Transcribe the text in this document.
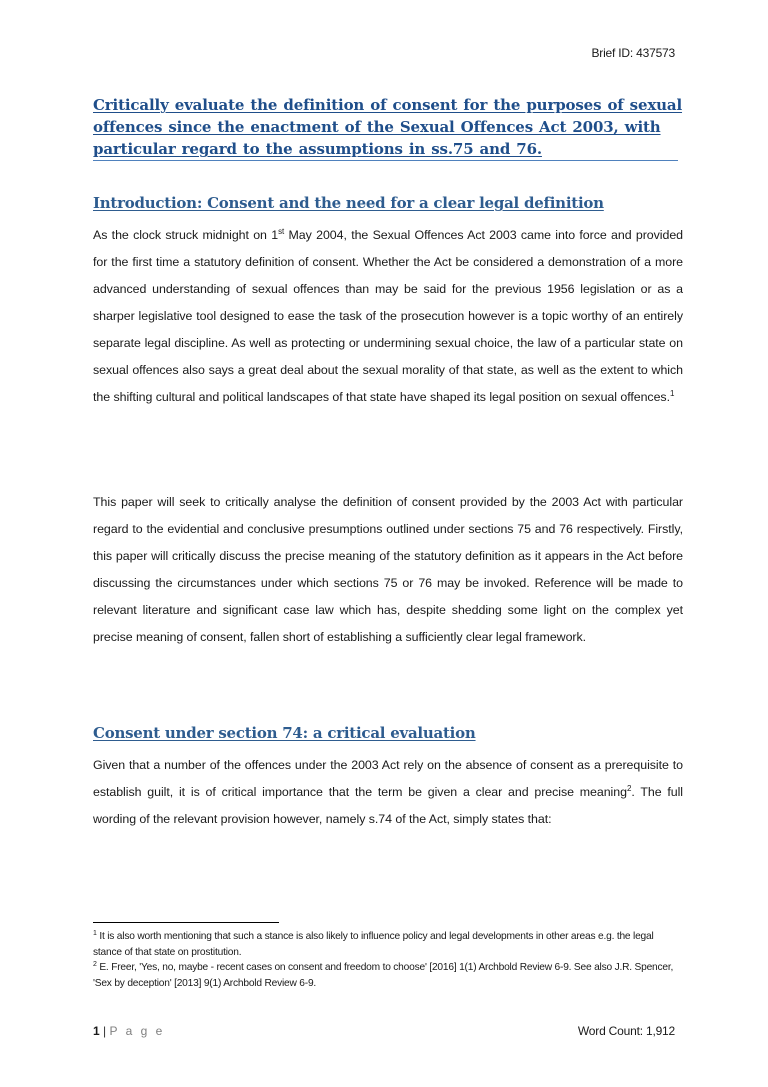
Brief ID: 437573
Critically evaluate the definition of consent for the purposes of sexual offences since the enactment of the Sexual Offences Act 2003, with particular regard to the assumptions in ss.75 and 76.
Introduction: Consent and the need for a clear legal definition
As the clock struck midnight on 1st May 2004, the Sexual Offences Act 2003 came into force and provided for the first time a statutory definition of consent. Whether the Act be considered a demonstration of a more advanced understanding of sexual offences than may be said for the previous 1956 legislation or as a sharper legislative tool designed to ease the task of the prosecution however is a topic worthy of an entirely separate legal discipline. As well as protecting or undermining sexual choice, the law of a particular state on sexual offences also says a great deal about the sexual morality of that state, as well as the extent to which the shifting cultural and political landscapes of that state have shaped its legal position on sexual offences.$^1$
This paper will seek to critically analyse the definition of consent provided by the 2003 Act with particular regard to the evidential and conclusive presumptions outlined under sections 75 and 76 respectively. Firstly, this paper will critically discuss the precise meaning of the statutory definition as it appears in the Act before discussing the circumstances under which sections 75 or 76 may be invoked. Reference will be made to relevant literature and significant case law which has, despite shedding some light on the complex yet precise meaning of consent, fallen short of establishing a sufficiently clear legal framework.
Consent under section 74: a critical evaluation
Given that a number of the offences under the 2003 Act rely on the absence of consent as a prerequisite to establish guilt, it is of critical importance that the term be given a clear and precise meaning$^2$. The full wording of the relevant provision however, namely s.74 of the Act, simply states that:

$^1$ It is also worth mentioning that such a stance is also likely to influence policy and legal developments in other areas e.g. the legal stance of that state on prostitution.

$^2$ E. Freer, 'Yes, no, maybe - recent cases on consent and freedom to choose' [2016] 1(1) Archbold Review 6-9. See also J.R. Spencer, 'Sex by deception' [2013] 9(1) Archbold Review 6-9.

1 | P a g e	Word Count: 1,912
